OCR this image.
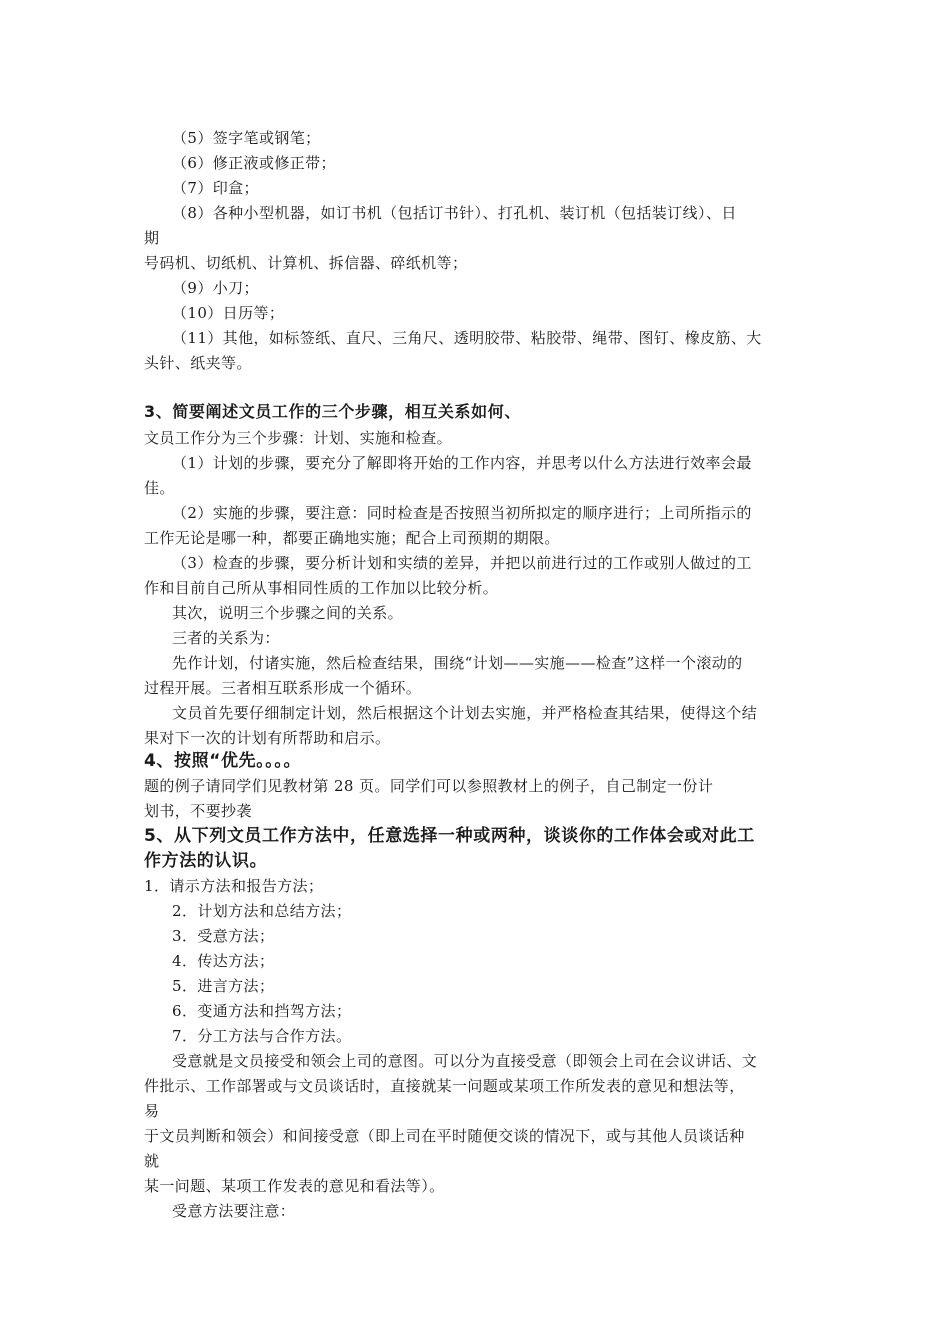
（5）签字笔或钢笔；
（6）修正液或修正带；
（7）印盒；
（8）各种小型机器，如订书机（包括订书针）、打孔机、装订机（包括装订线）、日
期
号码机、切纸机、计算机、拆信器、碎纸机等；
（9）小刀；
（10）日历等；
（11）其他，如标签纸、直尺、三角尺、透明胶带、粘胶带、绳带、图钉、橡皮筋、大
头针、纸夹等。
3、简要阐述文员工作的三个步骤，相互关系如何、
文员工作分为三个步骤：计划、实施和检查。
（1）计划的步骤，要充分了解即将开始的工作内容，并思考以什么方法进行效率会最
佳。
（2）实施的步骤，要注意：同时检查是否按照当初所拟定的顺序进行；上司所指示的
工作无论是哪一种，都要正确地实施；配合上司预期的期限。
（3）检查的步骤，要分析计划和实绩的差异，并把以前进行过的工作或别人做过的工
作和目前自己所从事相同性质的工作加以比较分析。
其次，说明三个步骤之间的关系。
三者的关系为：
先作计划，付诸实施，然后检查结果，围绕“计划——实施——检查”这样一个滚动的
过程开展。三者相互联系形成一个循环。
文员首先要仔细制定计划，然后根据这个计划去实施，并严格检查其结果，使得这个结
果对下一次的计划有所帮助和启示。
4、按照“优先。。。。
题的例子请同学们见教材第 28 页。同学们可以参照教材上的例子，自己制定一份计
划书，不要抄袭
5、从下列文员工作方法中，任意选择一种或两种，谈谈你的工作体会或对此工
作方法的认识。
1．请示方法和报告方法；
2．计划方法和总结方法；
3．受意方法；
4．传达方法；
5．进言方法；
6．变通方法和挡驾方法；
7．分工方法与合作方法。
受意就是文员接受和领会上司的意图。可以分为直接受意（即领会上司在会议讲话、文
件批示、工作部署或与文员谈话时，直接就某一问题或某项工作所发表的意见和想法等，
易
于文员判断和领会）和间接受意（即上司在平时随便交谈的情况下，或与其他人员谈话种
就
某一问题、某项工作发表的意见和看法等）。
受意方法要注意：
